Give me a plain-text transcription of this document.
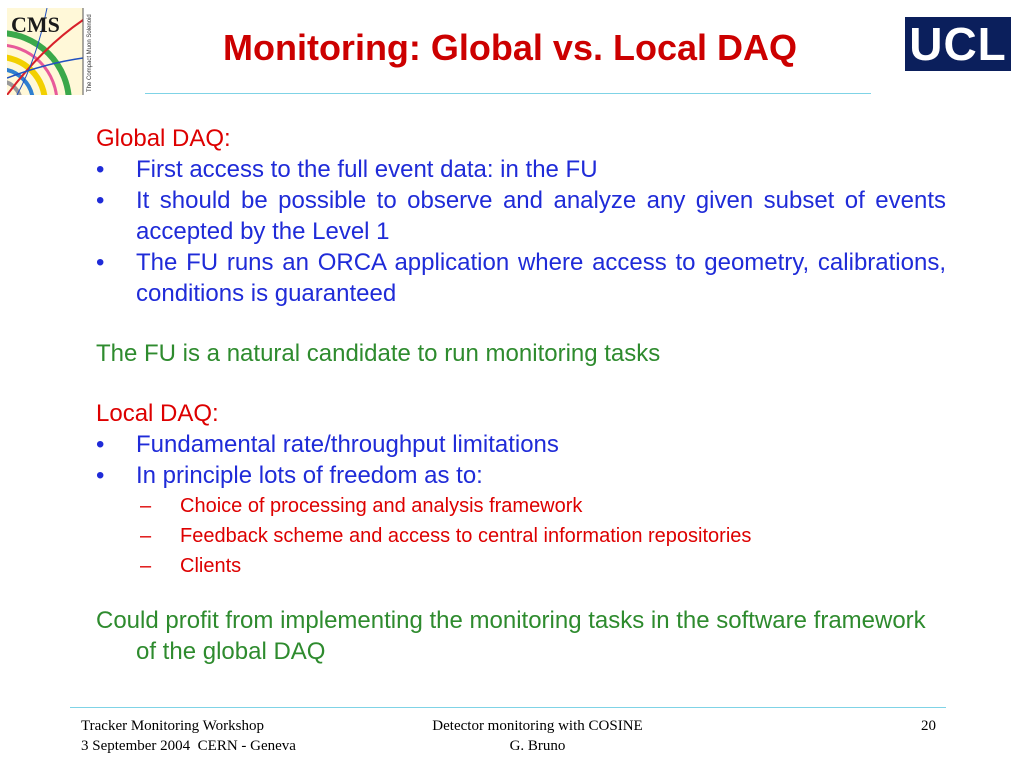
CMS	The Compact Muon Solenoid	UCL
Monitoring: Global vs. Local DAQ

Global DAQ:

•	First access to the full event data: in the FU
•	It should be possible to observe and analyze any given subset of events accepted by the Level 1
•	The FU runs an ORCA application where access to geometry, calibrations, conditions is guaranteed

The FU is a natural candidate to run monitoring tasks

Local DAQ:

•	Fundamental rate/throughput limitations
•	In principle lots of freedom as to:
–	Choice of processing and analysis framework
–	Feedback scheme and access to central information repositories
–	Clients

Could profit from implementing the monitoring tasks in the software framework of the global DAQ

Tracker Monitoring Workshop
3 September 2004  CERN - Geneva
Detector monitoring with COSINE
G. Bruno
20
